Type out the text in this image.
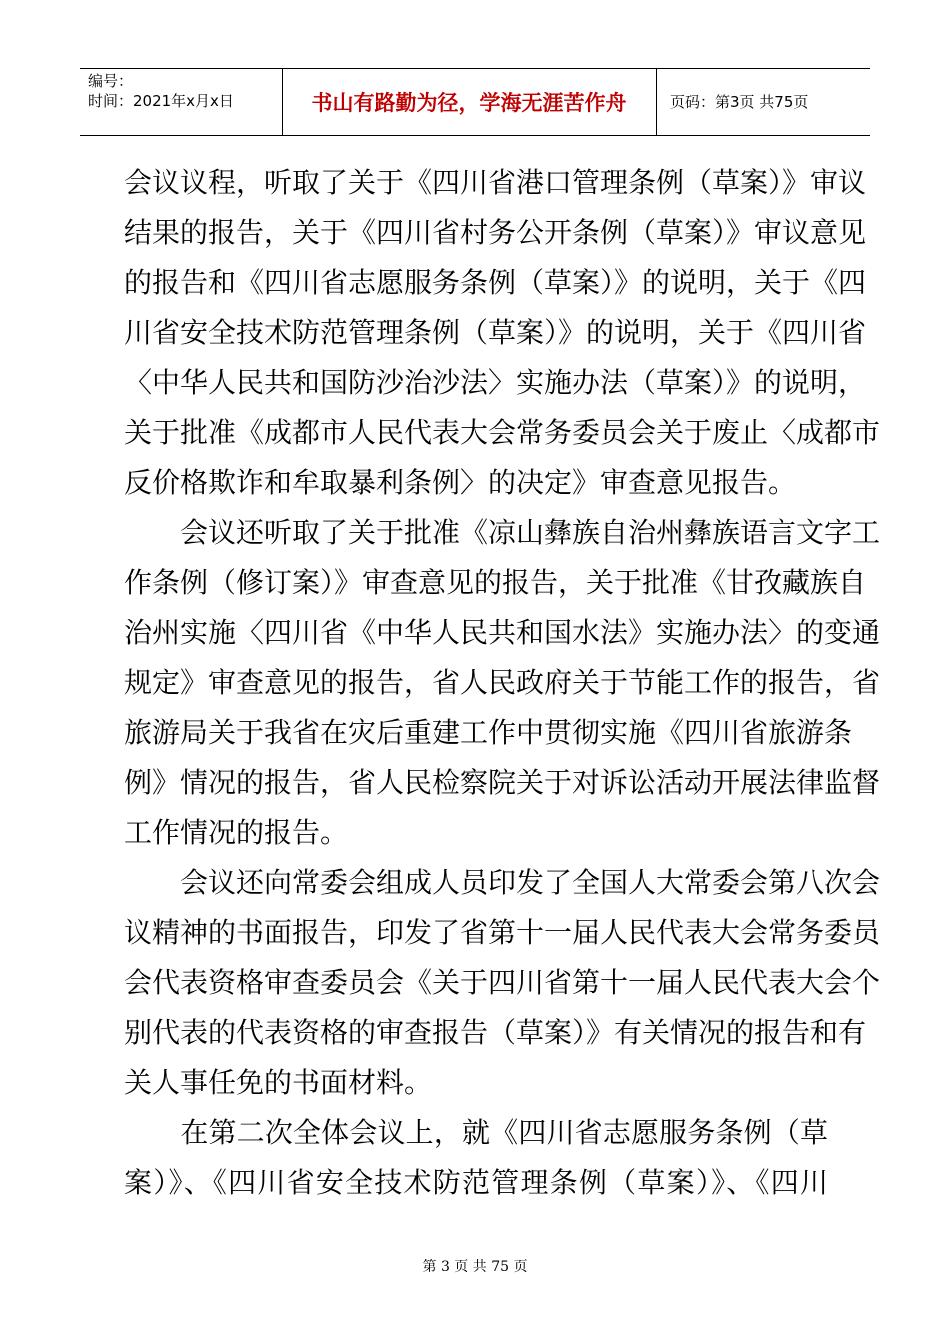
编号：
时间：2021年x月x日	书山有路勤为径，学海无涯苦作舟	页码：第3页 共75页
会议议程，听取了关于《四川省港口管理条例（草案）》审议
结果的报告，关于《四川省村务公开条例（草案）》审议意见
的报告和《四川省志愿服务条例（草案）》的说明，关于《四
川省安全技术防范管理条例（草案）》的说明，关于《四川省
〈中华人民共和国防沙治沙法〉实施办法（草案）》的说明，
关于批准《成都市人民代表大会常务委员会关于废止〈成都市
反价格欺诈和牟取暴利条例〉的决定》审查意见报告。
　　会议还听取了关于批准《凉山彝族自治州彝族语言文字工
作条例（修订案）》审查意见的报告，关于批准《甘孜藏族自
治州实施〈四川省《中华人民共和国水法》实施办法〉的变通
规定》审查意见的报告，省人民政府关于节能工作的报告，省
旅游局关于我省在灾后重建工作中贯彻实施《四川省旅游条
例》情况的报告，省人民检察院关于对诉讼活动开展法律监督
工作情况的报告。
　　会议还向常委会组成人员印发了全国人大常委会第八次会
议精神的书面报告，印发了省第十一届人民代表大会常务委员
会代表资格审查委员会《关于四川省第十一届人民代表大会个
别代表的代表资格的审查报告（草案）》有关情况的报告和有
关人事任免的书面材料。
　　在第二次全体会议上，就《四川省志愿服务条例（草
案）》、《四川省安全技术防范管理条例（草案）》、《四川
第 3 页 共 75 页
